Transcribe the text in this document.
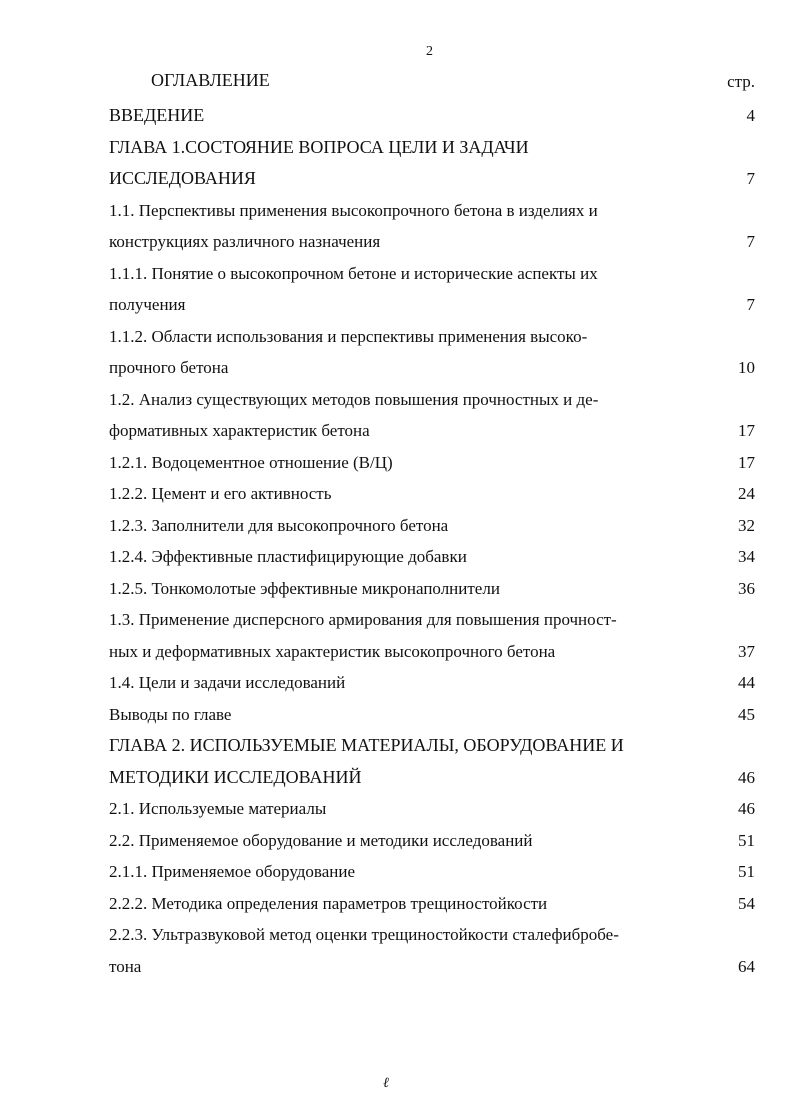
2
ОГЛАВЛЕНИЕ	стр.
ВВЕДЕНИЕ	4
ГЛАВА 1.СОСТОЯНИЕ ВОПРОСА ЦЕЛИ И ЗАДАЧИ
ИССЛЕДОВАНИЯ	7
1.1. Перспективы применения высокопрочного бетона в изделиях и
конструкциях различного назначения	7
1.1.1. Понятие о высокопрочном бетоне и исторические аспекты их
получения	7
1.1.2. Области использования и перспективы применения высоко-
прочного бетона	10
1.2. Анализ существующих методов повышения прочностных и де-
формативных характеристик бетона	17
1.2.1. Водоцементное отношение (В/Ц)	17
1.2.2. Цемент и его активность	24
1.2.3. Заполнители для высокопрочного бетона	32
1.2.4. Эффективные пластифицирующие добавки	34
1.2.5. Тонкомолотые эффективные микронаполнители	36
1.3. Применение дисперсного армирования для повышения прочност-
ных и деформативных характеристик высокопрочного бетона	37
1.4. Цели и задачи исследований	44
Выводы по главе	45
ГЛАВА 2. ИСПОЛЬЗУЕМЫЕ МАТЕРИАЛЫ, ОБОРУДОВАНИЕ И
МЕТОДИКИ ИССЛЕДОВАНИЙ	46
2.1. Используемые материалы	46
2.2. Применяемое оборудование и методики исследований	51
2.1.1. Применяемое оборудование	51
2.2.2. Методика определения параметров трещиностойкости	54
2.2.3. Ультразвуковой метод оценки трещиностойкости сталефибробе-
тона	64
ℓ
